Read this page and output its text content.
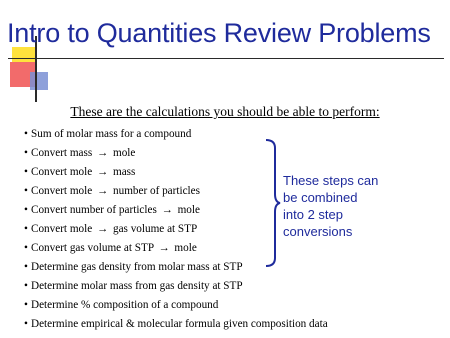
Intro to Quantities Review Problems
These are the calculations you should be able to perform:
• Sum of molar mass for a compound
• Convert mass → mole
• Convert mole → mass
• Convert mole → number of particles
• Convert number of particles → mole
• Convert mole → gas volume at STP
• Convert gas volume at STP → mole
• Determine gas density from molar mass at STP
• Determine molar mass from gas density at STP
• Determine % composition of a compound
• Determine empirical & molecular formula given composition data
These steps can
be combined
into 2 step
conversions
